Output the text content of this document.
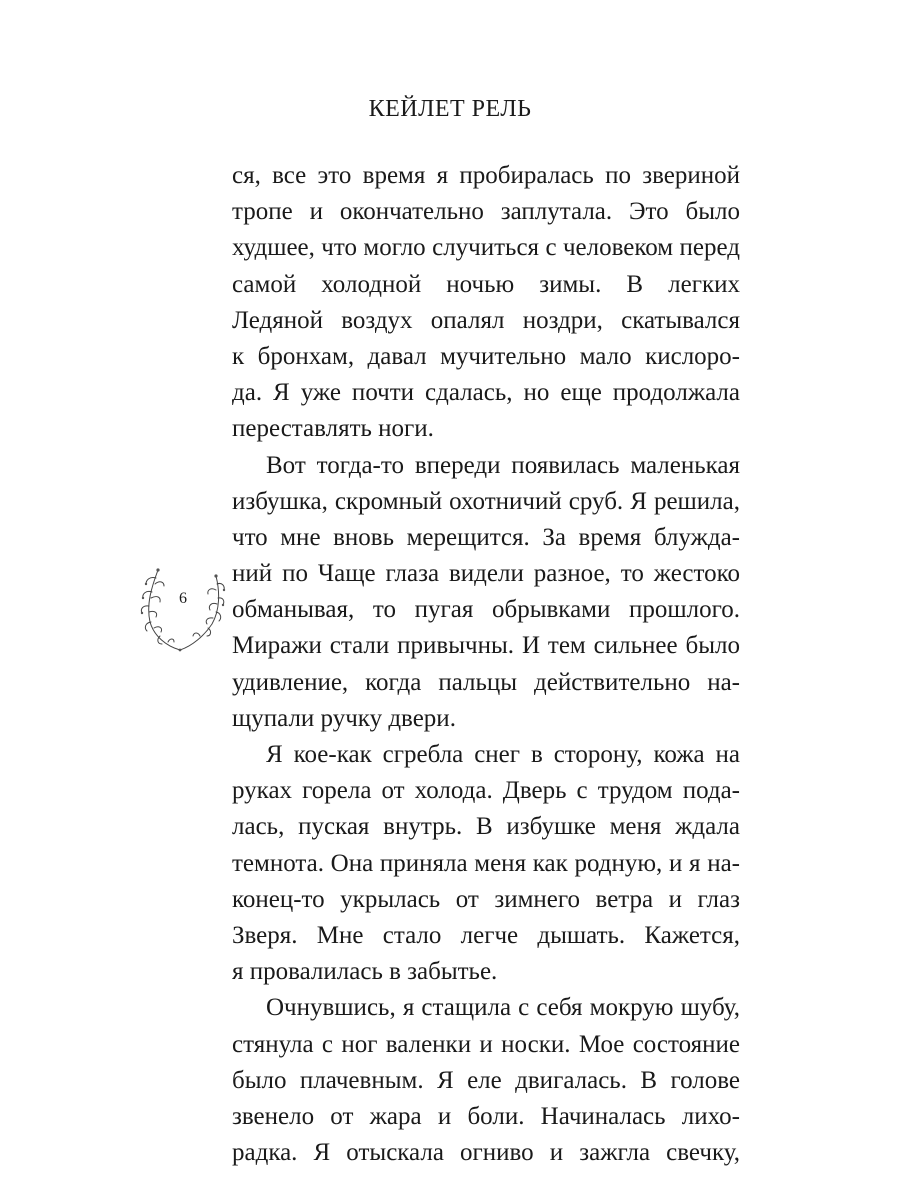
КЕЙЛЕТ РЕЛЬ
ся, все это время я пробиралась по звериной
тропе и окончательно заплутала. Это было
худшее, что могло случиться с человеком перед
самой холодной ночью зимы. В легких
Ледяной воздух опалял ноздри, скатывался
к бронхам, давал мучительно мало кислоро-
да. Я уже почти сдалась, но еще продолжала
переставлять ноги.
Вот тогда-то впереди появилась маленькая
избушка, скромный охотничий сруб. Я решила,
что мне вновь мерещится. За время блужда-
ний по Чаще глаза видели разное, то жестоко
обманывая, то пугая обрывками прошлого.
Миражи стали привычны. И тем сильнее было
удивление, когда пальцы действительно на-
щупали ручку двери.
Я кое-как сгребла снег в сторону, кожа на
руках горела от холода. Дверь с трудом пода-
лась, пуская внутрь. В избушке меня ждала
темнота. Она приняла меня как родную, и я на-
конец-то укрылась от зимнего ветра и глаз
Зверя. Мне стало легче дышать. Кажется,
я провалилась в забытье.
Очнувшись, я стащила с себя мокрую шубу,
стянула с ног валенки и носки. Мое состояние
было плачевным. Я еле двигалась. В голове
звенело от жара и боли. Начиналась лихо-
радка. Я отыскала огниво и зажгла свечку,
6
